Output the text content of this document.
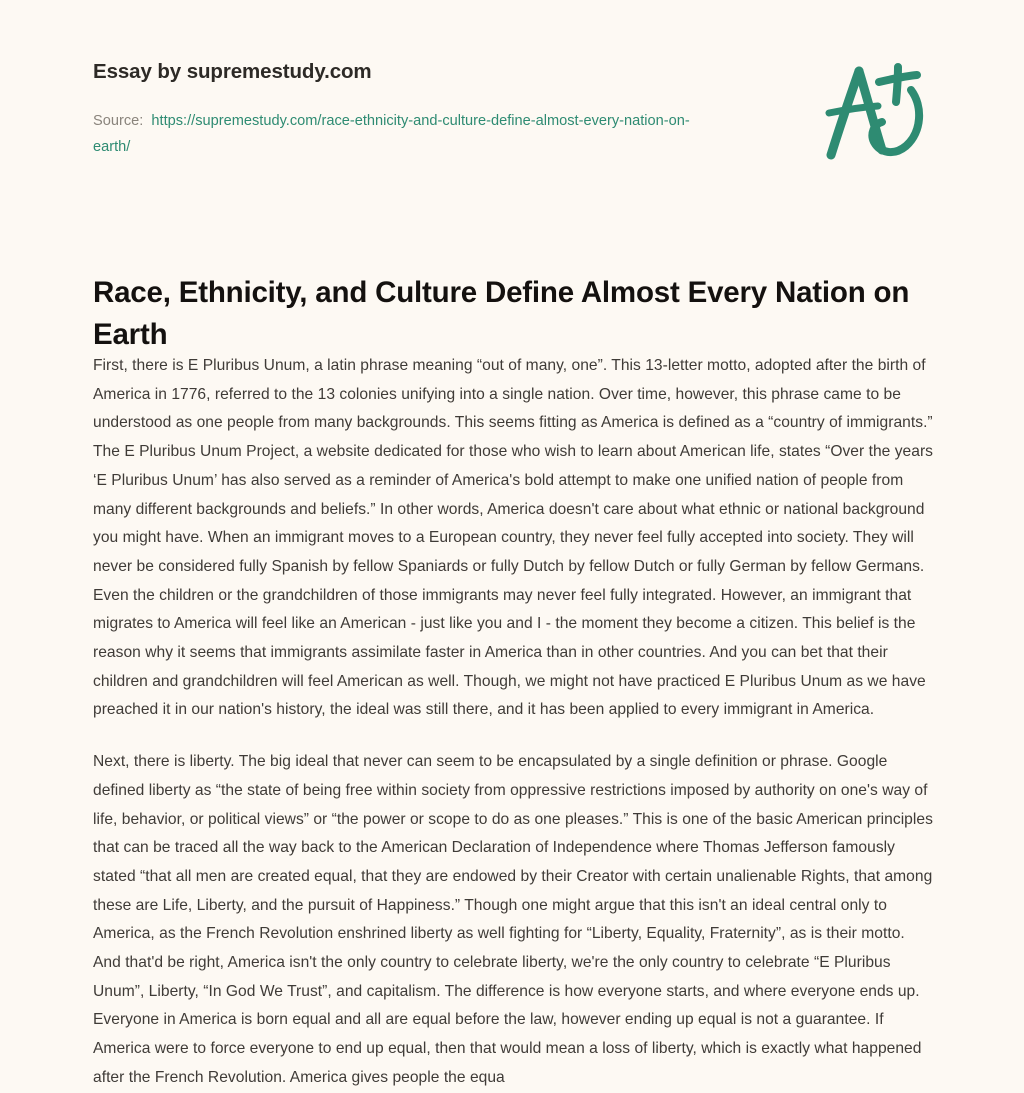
Essay by supremestudy.com
Source: https://supremestudy.com/race-ethnicity-and-culture-define-almost-every-nation-on-earth/
Race, Ethnicity, and Culture Define Almost Every Nation on Earth

First, there is E Pluribus Unum, a latin phrase meaning “out of many, one”. This 13-letter motto, adopted after the birth of America in 1776, referred to the 13 colonies unifying into a single nation. Over time, however, this phrase came to be understood as one people from many backgrounds. This seems fitting as America is defined as a “country of immigrants.” The E Pluribus Unum Project, a website dedicated for those who wish to learn about American life, states “Over the years ‘E Pluribus Unum’ has also served as a reminder of America's bold attempt to make one unified nation of people from many different backgrounds and beliefs.” In other words, America doesn't care about what ethnic or national background you might have. When an immigrant moves to a European country, they never feel fully accepted into society. They will never be considered fully Spanish by fellow Spaniards or fully Dutch by fellow Dutch or fully German by fellow Germans. Even the children or the grandchildren of those immigrants may never feel fully integrated. However, an immigrant that migrates to America will feel like an American - just like you and I - the moment they become a citizen. This belief is the reason why it seems that immigrants assimilate faster in America than in other countries. And you can bet that their children and grandchildren will feel American as well. Though, we might not have practiced E Pluribus Unum as we have preached it in our nation's history, the ideal was still there, and it has been applied to every immigrant in America.

Next, there is liberty. The big ideal that never can seem to be encapsulated by a single definition or phrase. Google defined liberty as “the state of being free within society from oppressive restrictions imposed by authority on one's way of life, behavior, or political views” or “the power or scope to do as one pleases.” This is one of the basic American principles that can be traced all the way back to the American Declaration of Independence where Thomas Jefferson famously stated “that all men are created equal, that they are endowed by their Creator with certain unalienable Rights, that among these are Life, Liberty, and the pursuit of Happiness.” Though one might argue that this isn't an ideal central only to America, as the French Revolution enshrined liberty as well fighting for “Liberty, Equality, Fraternity”, as is their motto. And that'd be right, America isn't the only country to celebrate liberty, we're the only country to celebrate “E Pluribus Unum”, Liberty, “In God We Trust”, and capitalism. The difference is how everyone starts, and where everyone ends up. Everyone in America is born equal and all are equal before the law, however ending up equal is not a guarantee. If America were to force everyone to end up equal, then that would mean a loss of liberty, which is exactly what happened after the French Revolution. America gives people the equa
